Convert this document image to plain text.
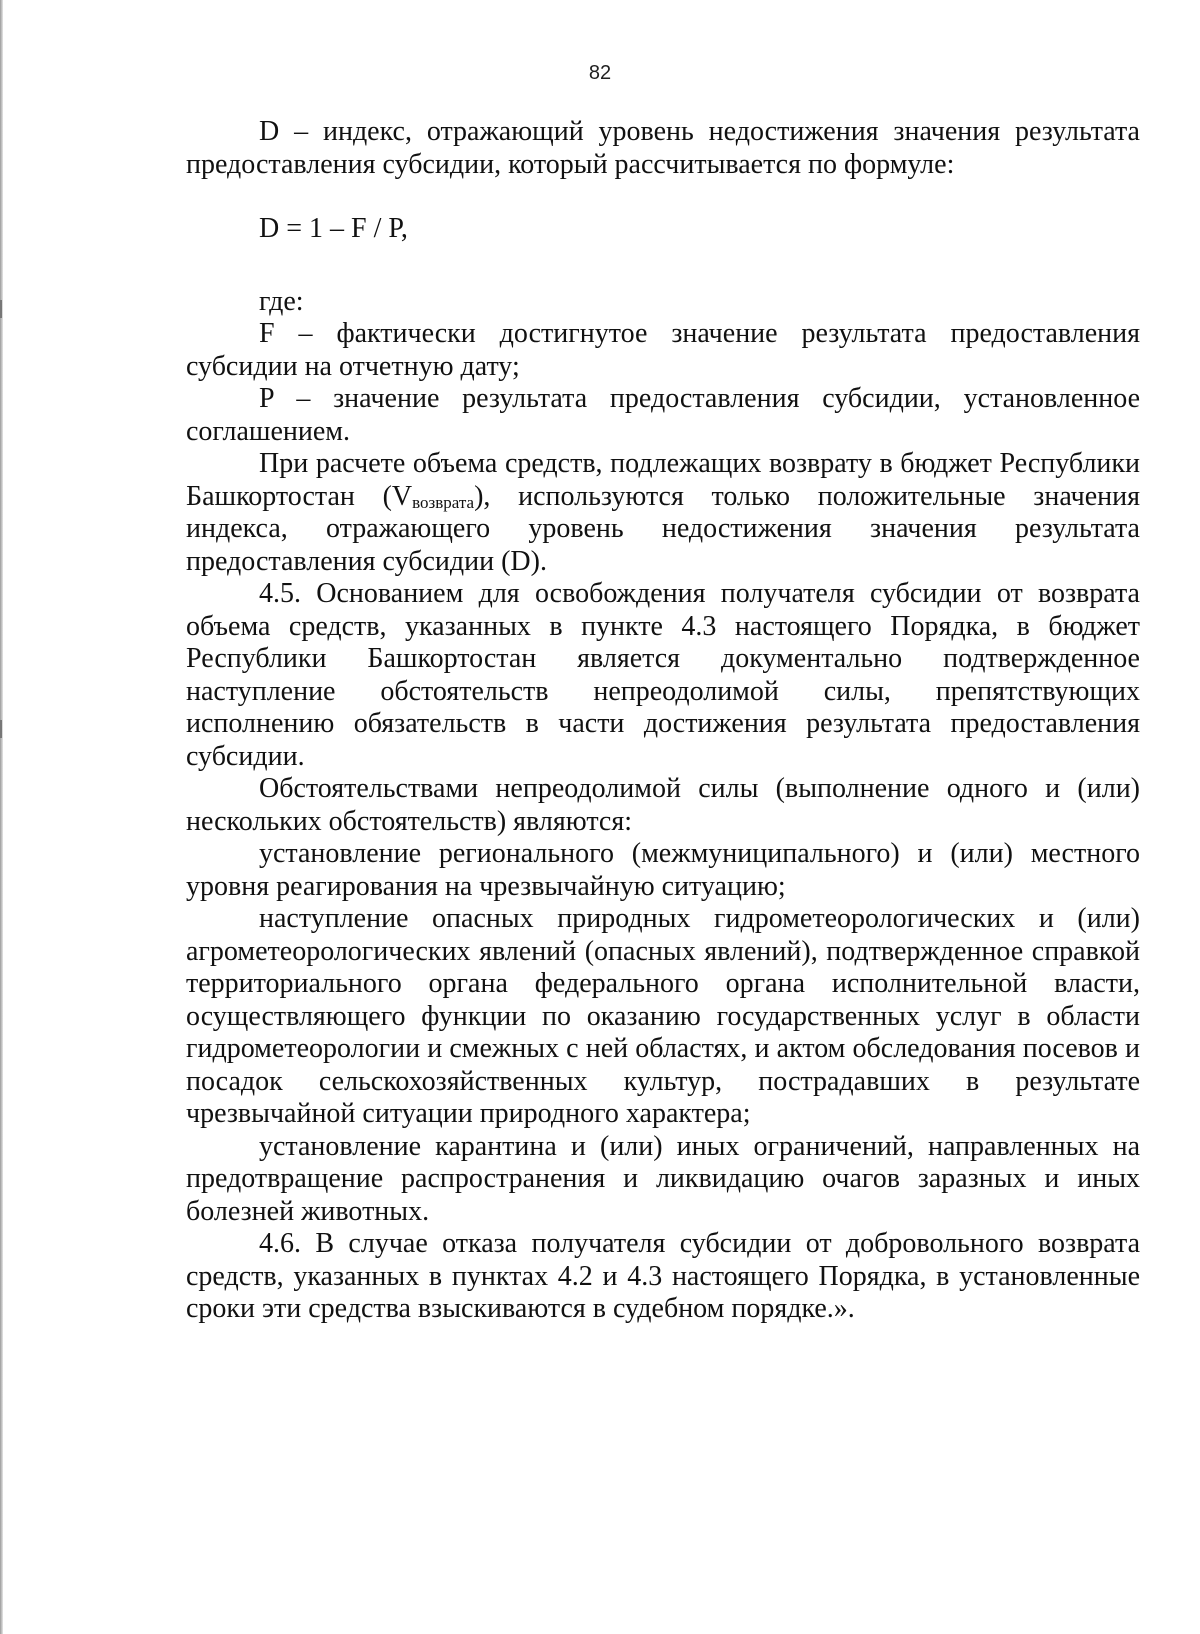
82

D – индекс, отражающий уровень недостижения значения результата предоставления субсидии, который рассчитывается по формуле:

D = 1 – F / P,

где:

F – фактически достигнутое значение результата предоставления субсидии на отчетную дату;

P – значение результата предоставления субсидии, установленное соглашением.

При расчете объема средств, подлежащих возврату в бюджет Республики Башкортостан $(V_{возврата})$, используются только положительные значения индекса, отражающего уровень недостижения значения результата предоставления субсидии (D).

4.5. Основанием для освобождения получателя субсидии от возврата объема средств, указанных в пункте 4.3 настоящего Порядка, в бюджет Республики Башкортостан является документально подтвержденное наступление обстоятельств непреодолимой силы, препятствующих исполнению обязательств в части достижения результата предоставления субсидии.

Обстоятельствами непреодолимой силы (выполнение одного и (или) нескольких обстоятельств) являются:

установление регионального (межмуниципального) и (или) местного уровня реагирования на чрезвычайную ситуацию;

наступление опасных природных гидрометеорологических и (или) агрометеорологических явлений (опасных явлений), подтвержденное справкой территориального органа федерального органа исполнительной власти, осуществляющего функции по оказанию государственных услуг в области гидрометеорологии и смежных с ней областях, и актом обследования посевов и посадок сельскохозяйственных культур, пострадавших в результате чрезвычайной ситуации природного характера;

установление карантина и (или) иных ограничений, направленных на предотвращение распространения и ликвидацию очагов заразных и иных болезней животных.

4.6. В случае отказа получателя субсидии от добровольного возврата средств, указанных в пунктах 4.2 и 4.3 настоящего Порядка, в установленные сроки эти средства взыскиваются в судебном порядке.».
